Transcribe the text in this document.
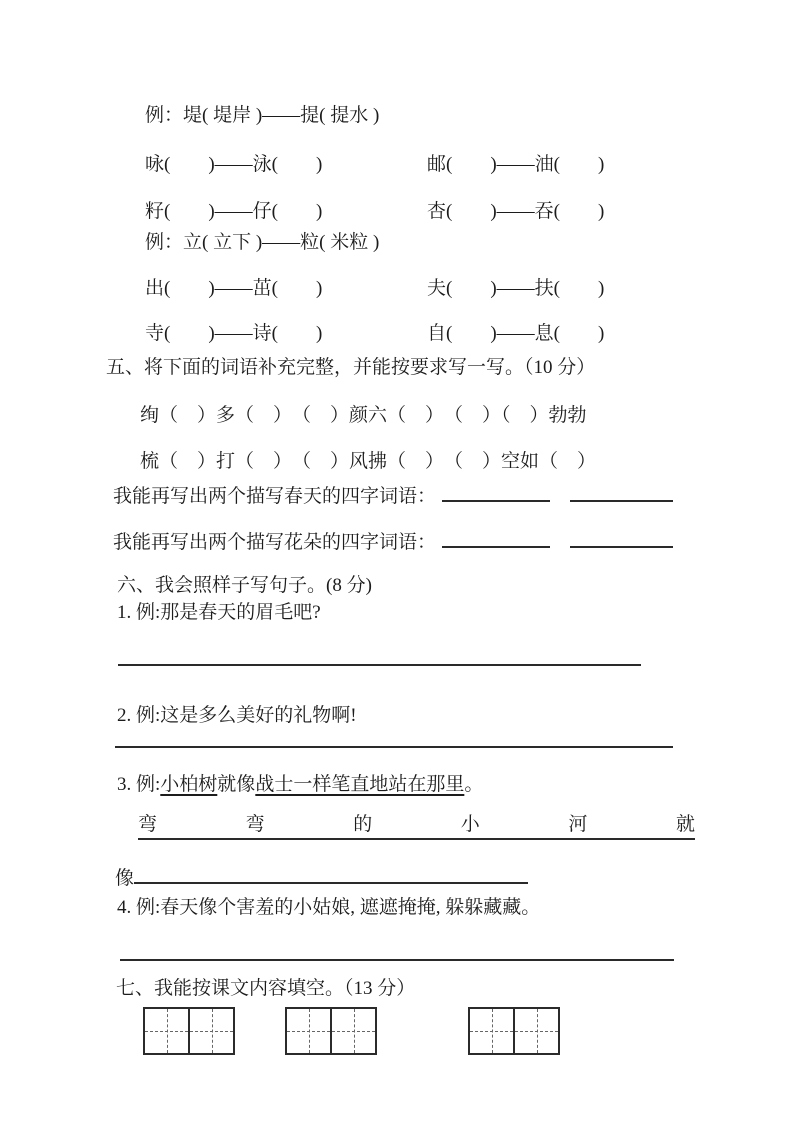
例：堤( 堤岸 )——提( 提水 )
咏(　　)——泳(　　)	邮(　　)——油(　　)
籽(　　)——仔(　　)	杏(　　)——吞(　　)
例：立( 立下 )——粒( 米粒 )
出(　　)——茁(　　)	夫(　　)——扶(　　)
寺(　　)——诗(　　)	自(　　)——息(　　)
五、将下面的词语补充完整，并能按要求写一写。（10 分）
绚（　）多（　）　（　）颜六（　）　（　）（　）勃勃
梳（　）打（　）　（　）风拂（　）　（　）空如（　）
我能再写出两个描写春天的四字词语：
我能再写出两个描写花朵的四字词语：
六、我会照样子写句子。(8 分)
1. 例:那是春天的眉毛吧?
2. 例:这是多么美好的礼物啊!
3. 例:小柏树就像战士一样笔直地站在那里。
弯	弯	的	小	河	就
像
4. 例:春天像个害羞的小姑娘, 遮遮掩掩, 躲躲藏藏。
七、我能按课文内容填空。（13 分）
